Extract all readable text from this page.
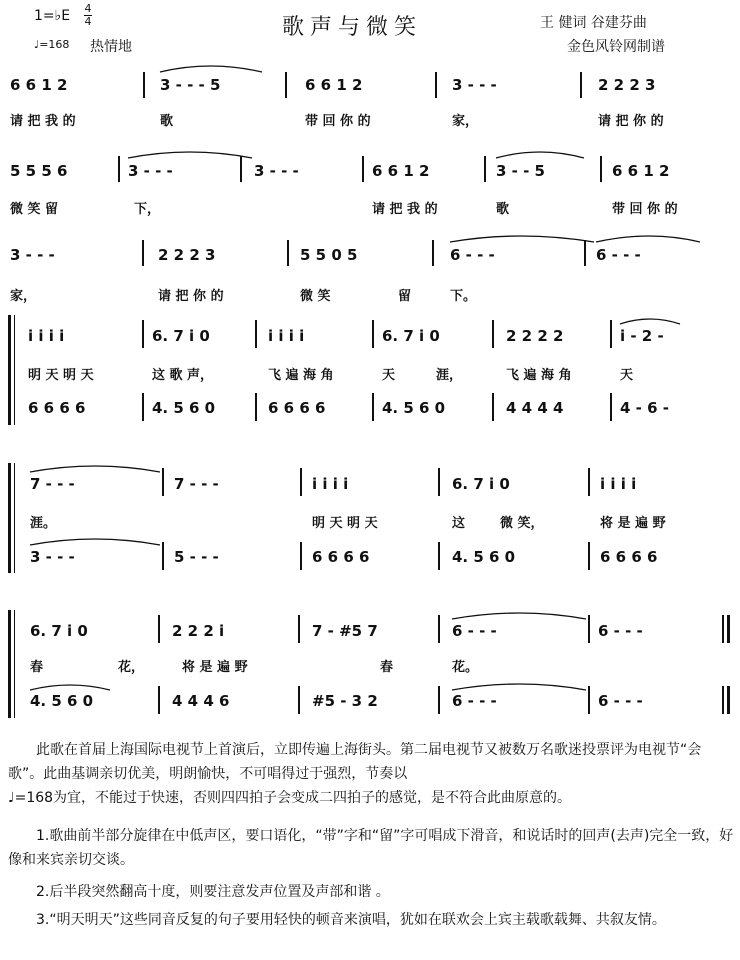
1=♭E 4
4	歌声与微笑	王 健词 谷建芬曲
金色风铃网制谱
♩=168 热情地
6 6 1 2	3 - - - 5	6 6 1 2	3 - - -	2 2 2 3
请 把 我 的	歌	带 回 你 的	家，	请 把 你 的
5 5 5 6	3 - - -	3 - - -	6 6 1 2	3 - - 5	6 6 1 2
微 笑 留	下，	请 把 我 的	歌	带 回 你 的
3 - - -	2 2 2 3	5 5 0 5	6 - - -	6 - - -
家，	请 把 你 的	微 笑	留	下。
i i i i	6. 7 i 0	i i i i	6. 7 i 0	2 2 2 2	i - 2 -
明 天 明 天	这 歌 声，	飞 遍 海 角	天	涯，	飞 遍 海 角	天
6 6 6 6	4. 5 6 0	6 6 6 6	4. 5 6 0	4 4 4 4	4 - 6 -
7 - - -	7 - - -	i i i i	6. 7 i 0	i i i i
涯。	明 天 明 天	这	微 笑，	将 是 遍 野
3 - - -	5 - - -	6 6 6 6	4. 5 6 0	6 6 6 6
6. 7 i 0	2 2 2 i	7 - #5 7	6 - - -	6 - - -
春	花，	将 是 遍 野	春	花。
4. 5 6 0	4 4 4 6	#5 - 3 2	6 - - -	6 - - -
此歌在首届上海国际电视节上首演后，立即传遍上海街头。第二届电视节又被数万名歌迷投票评为电视节“会歌”。此曲基调亲切优美，明朗愉快，不可唱得过于强烈，节奏以
♩=168为宜，不能过于快速，否则四四拍子会变成二四拍子的感觉，是不符合此曲原意的。
1.歌曲前半部分旋律在中低声区，要口语化，“带”字和“留”字可唱成下滑音，和说话时的回声(去声)完全一致，好像和来宾亲切交谈。
2.后半段突然翻高十度，则要注意发声位置及声部和谐 。
3.“明天明天”这些同音反复的句子要用轻快的顿音来演唱，犹如在联欢会上宾主载歌载舞、共叙友情。
